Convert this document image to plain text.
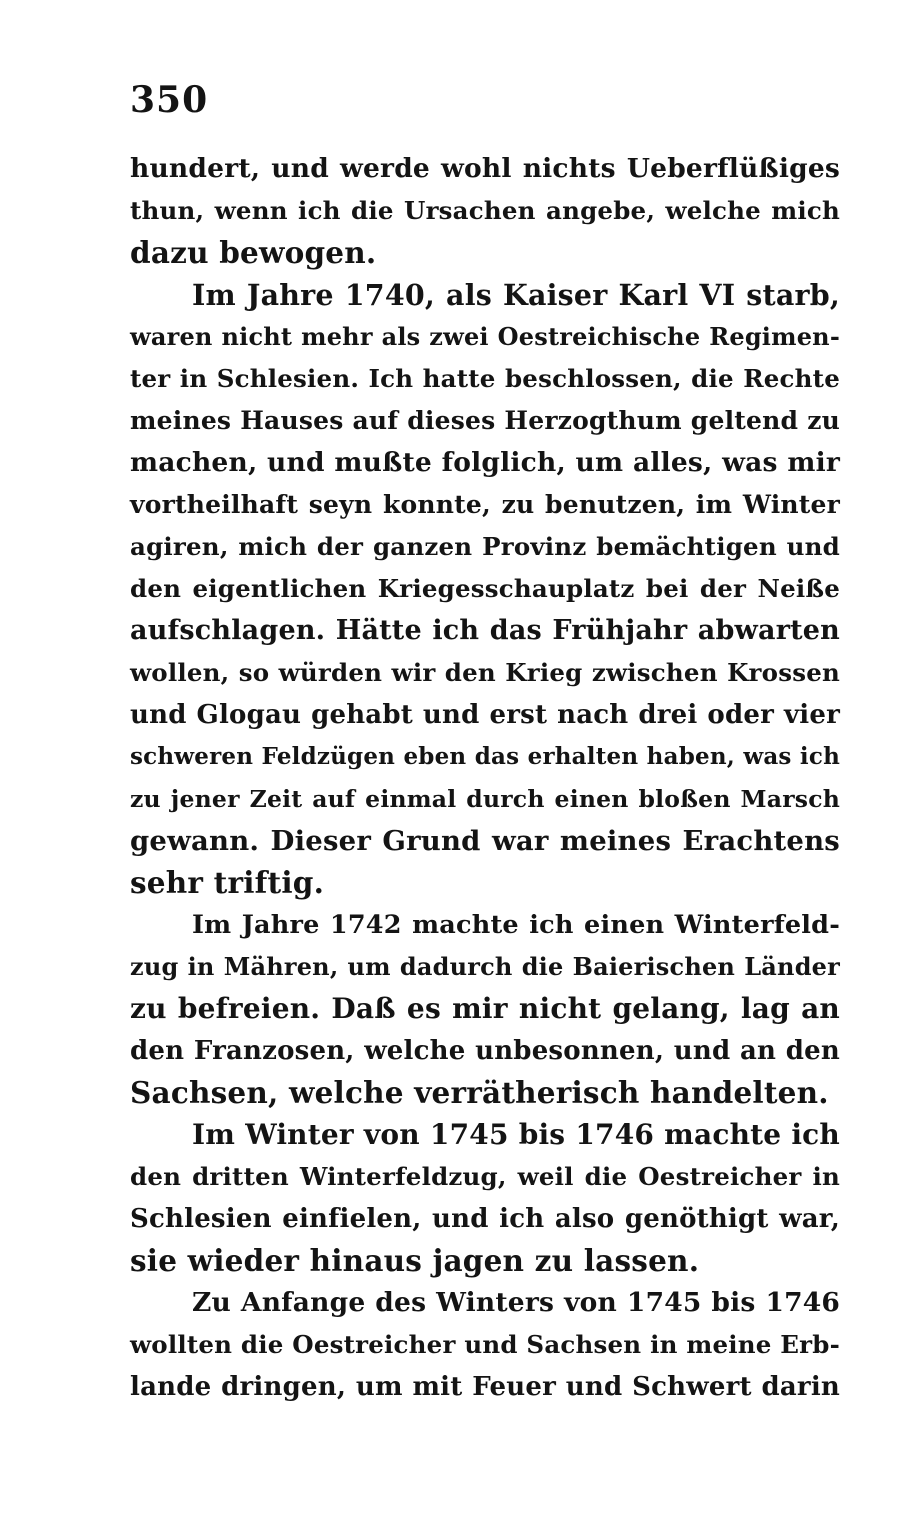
350
hundert, und werde wohl nichts Ueberflüßiges
thun, wenn ich die Ursachen angebe, welche mich
dazu bewogen.
Im Jahre 1740, als Kaiser Karl VI starb,
waren nicht mehr als zwei Oestreichische Regimen-
ter in Schlesien. Ich hatte beschlossen, die Rechte
meines Hauses auf dieses Herzogthum geltend zu
machen, und mußte folglich, um alles, was mir
vortheilhaft seyn konnte, zu benutzen, im Winter
agiren, mich der ganzen Provinz bemächtigen und
den eigentlichen Kriegesschauplatz bei der Neiße
aufschlagen. Hätte ich das Frühjahr abwarten
wollen, so würden wir den Krieg zwischen Krossen
und Glogau gehabt und erst nach drei oder vier
schweren Feldzügen eben das erhalten haben, was ich
zu jener Zeit auf einmal durch einen bloßen Marsch
gewann. Dieser Grund war meines Erachtens
sehr triftig.
Im Jahre 1742 machte ich einen Winterfeld-
zug in Mähren, um dadurch die Baierischen Länder
zu befreien. Daß es mir nicht gelang, lag an
den Franzosen, welche unbesonnen, und an den
Sachsen, welche verrätherisch handelten.
Im Winter von 1745 bis 1746 machte ich
den dritten Winterfeldzug, weil die Oestreicher in
Schlesien einfielen, und ich also genöthigt war,
sie wieder hinaus jagen zu lassen.
Zu Anfange des Winters von 1745 bis 1746
wollten die Oestreicher und Sachsen in meine Erb-
lande dringen, um mit Feuer und Schwert darin
